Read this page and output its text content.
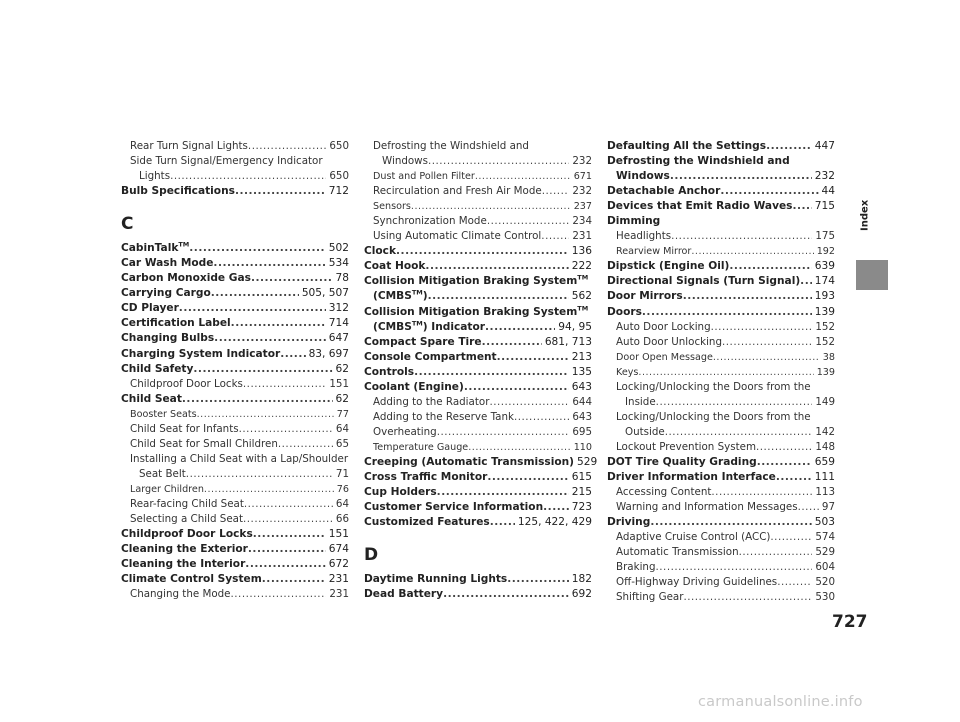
Rear Turn Signal Lights .....	650
Side Turn Signal/Emergency Indicator
Lights .....	650
Bulb Specifications .....	712
C
CabinTalk™ .....	502
Car Wash Mode .....	534
Carbon Monoxide Gas .....	78
Carrying Cargo .....	505, 507
CD Player .....	312
Certification Label .....	714
Changing Bulbs .....	647
Charging System Indicator .....	83, 697
Child Safety .....	62
Childproof Door Locks .....	151
Child Seat .....	62
Booster Seats .....	77
Child Seat for Infants .....	64
Child Seat for Small Children .....	65
Installing a Child Seat with a Lap/Shoulder
Seat Belt .....	71
Larger Children .....	76
Rear-facing Child Seat .....	64
Selecting a Child Seat .....	66
Childproof Door Locks .....	151
Cleaning the Exterior .....	674
Cleaning the Interior .....	672
Climate Control System .....	231
Changing the Mode .....	231
Defrosting the Windshield and
Windows .....	232
Dust and Pollen Filter .....	671
Recirculation and Fresh Air Mode .....	232
Sensors .....	237
Synchronization Mode .....	234
Using Automatic Climate Control .....	231
Clock .....	136
Coat Hook .....	222
Collision Mitigation Braking System™
(CMBS™) .....	562
Collision Mitigation Braking System™
(CMBS™) Indicator .....	94, 95
Compact Spare Tire .....	681, 713
Console Compartment .....	213
Controls .....	135
Coolant (Engine) .....	643
Adding to the Radiator .....	644
Adding to the Reserve Tank .....	643
Overheating .....	695
Temperature Gauge .....	110
Creeping (Automatic Transmission) 529
Cross Traffic Monitor .....	615
Cup Holders .....	215
Customer Service Information .....	723
Customized Features .....	125, 422, 429
D
Daytime Running Lights .....	182
Dead Battery .....	692
Defaulting All the Settings .....	447
Defrosting the Windshield and
Windows .....	232
Detachable Anchor .....	44
Devices that Emit Radio Waves ..... 715
Dimming
Headlights .....	175
Rearview Mirror .....	192
Dipstick (Engine Oil) .....	639
Directional Signals (Turn Signal) ..... 174
Door Mirrors .....	193
Doors .....	139
Auto Door Locking .....	152
Auto Door Unlocking .....	152
Door Open Message .....	38
Keys .....	139
Locking/Unlocking the Doors from the
Inside .....	149
Locking/Unlocking the Doors from the
Outside .....	142
Lockout Prevention System .....	148
DOT Tire Quality Grading .....	659
Driver Information Interface .....	111
Accessing Content .....	113
Warning and Information Messages ..... 97
Driving .....	503
Adaptive Cruise Control (ACC) .....	574
Automatic Transmission .....	529
Braking .....	604
Off-Highway Driving Guidelines .....	520
Shifting Gear .....	530
Index
727
carmanualsonline.info
